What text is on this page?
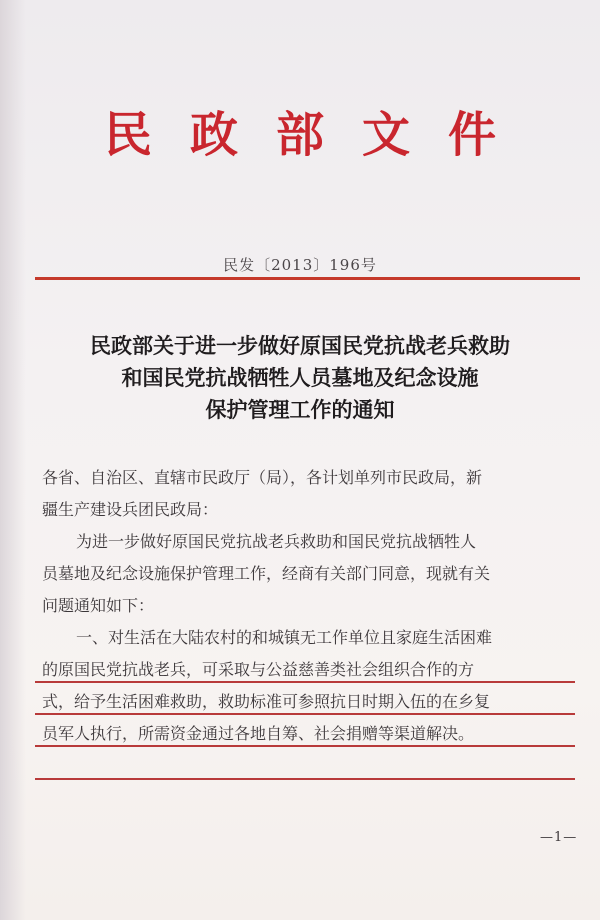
民政部文件
民发〔2013〕196号
民政部关于进一步做好原国民党抗战老兵救助
和国民党抗战牺牲人员墓地及纪念设施
保护管理工作的通知
各省、自治区、直辖市民政厅（局），各计划单列市民政局，新
疆生产建设兵团民政局：
为进一步做好原国民党抗战老兵救助和国民党抗战牺牲人
员墓地及纪念设施保护管理工作，经商有关部门同意，现就有关
问题通知如下：
一、对生活在大陆农村的和城镇无工作单位且家庭生活困难
的原国民党抗战老兵，可采取与公益慈善类社会组织合作的方
式，给予生活困难救助，救助标准可参照抗日时期入伍的在乡复
员军人执行，所需资金通过各地自筹、社会捐赠等渠道解决。
—1—
